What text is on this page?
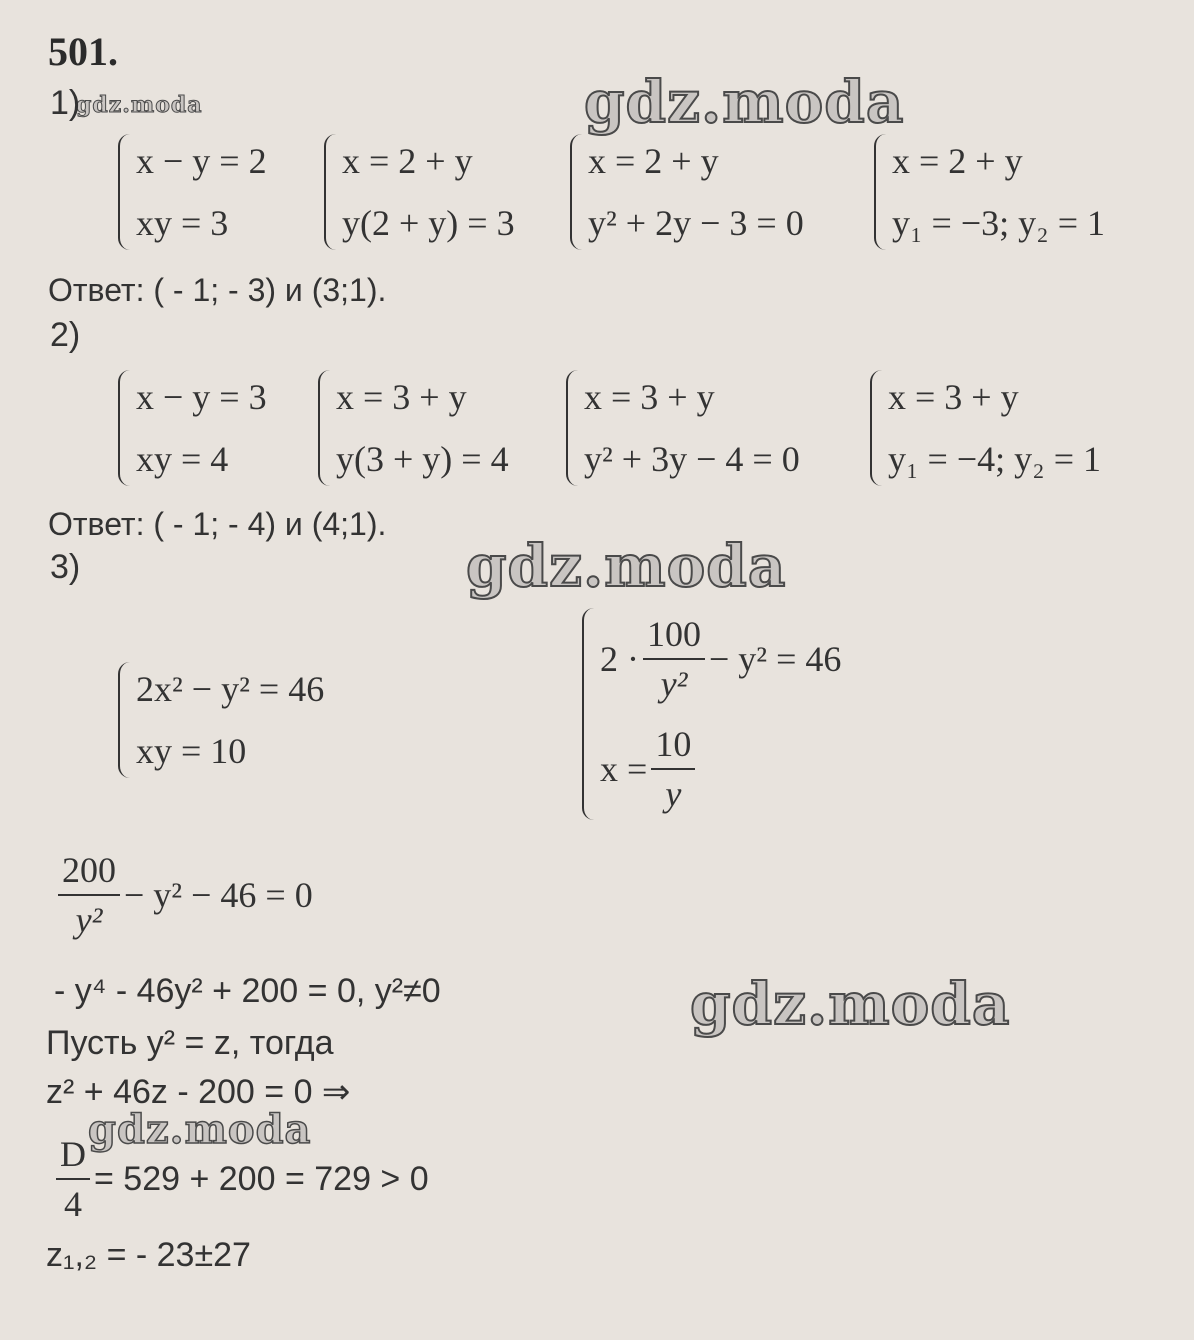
gdz.moda	gdz.moda
gdz.moda
gdz.moda
gdz.moda
501.
1)
x − y = 2
xy = 3
x = 2 + y
y(2 + y) = 3
x = 2 + y
y² + 2y − 3 = 0
x = 2 + y
y₁ = −3; y₂ = 1
Ответ: ( - 1; - 3) и (3;1).
2)
x − y = 3
xy = 4
x = 3 + y
y(3 + y) = 4
x = 3 + y
y² + 3y − 4 = 0
x = 3 + y
y₁ = −4; y₂ = 1
Ответ: ( - 1; - 4) и (4;1).
3)
2x² − y² = 46
xy = 10
$2 \cdot \frac{100}{\text{y²}} - y^2 = 46$
$x = \frac{10}{y}$
$\frac{200}{\text{y²}} - y^2 - 46 = 0$
- y⁴ - 46y² + 200 = 0, y²≠0
Пусть y² = z, тогда
z² + 46z - 200 = 0 ⇒
$\frac{D}{4} = 529 + 200 = 729 > 0$
z₁,₂ = - 23±27
